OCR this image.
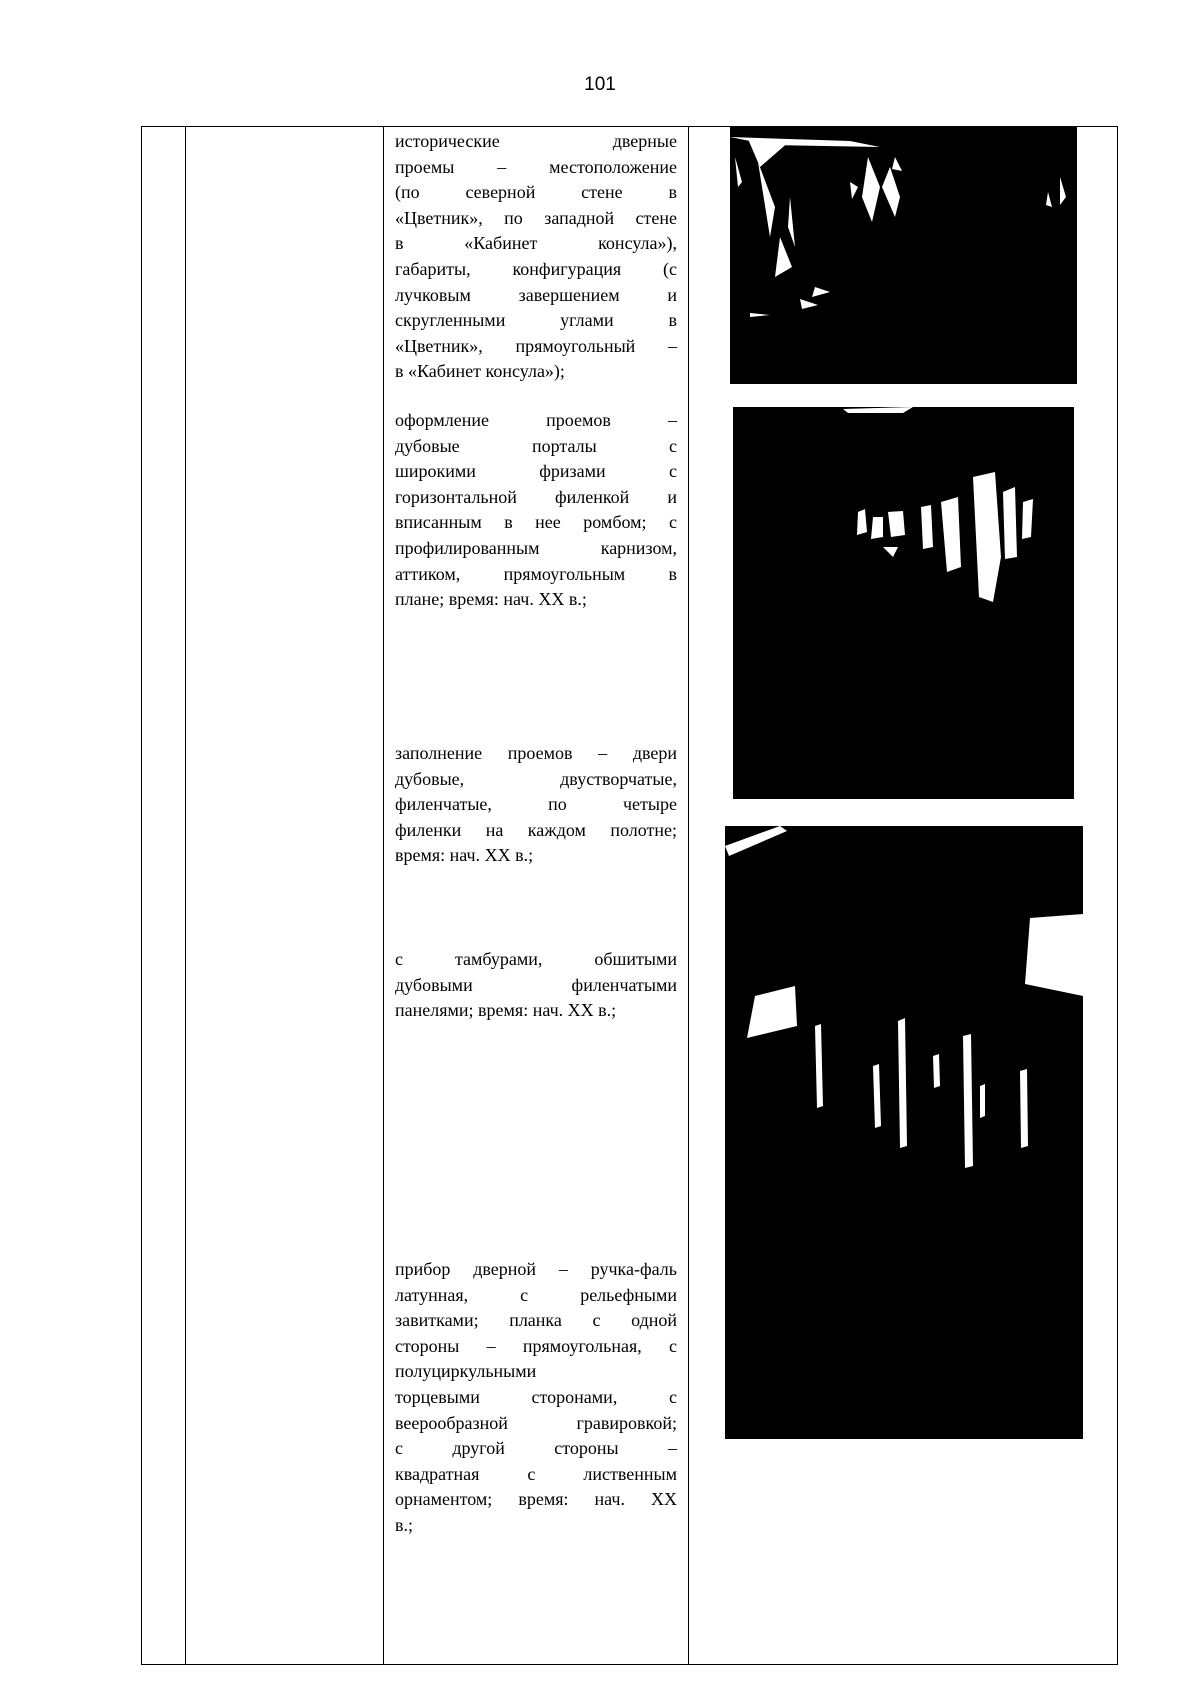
101
исторические дверные
проемы – местоположение
(по северной стене в
«Цветник», по западной стене
в «Кабинет консула»),
габариты, конфигурация (с
лучковым завершением и
скругленными углами в
«Цветник», прямоугольный –
в «Кабинет консула»);
оформление проемов –
дубовые порталы с
широкими фризами с
горизонтальной филенкой и
вписанным в нее ромбом; с
профилированным карнизом,
аттиком, прямоугольным в
плане; время: нач. XX в.;
заполнение проемов – двери
дубовые, двустворчатые,
филенчатые, по четыре
филенки на каждом полотне;
время: нач. XX в.;
с тамбурами, обшитыми
дубовыми филенчатыми
панелями; время: нач. XX в.;
прибор дверной – ручка-фаль
латунная, с рельефными
завитками; планка с одной
стороны – прямоугольная, с
полуциркульными
торцевыми сторонами, с
веерообразной гравировкой;
с другой стороны –
квадратная с лиственным
орнаментом; время: нач. XX
в.;
